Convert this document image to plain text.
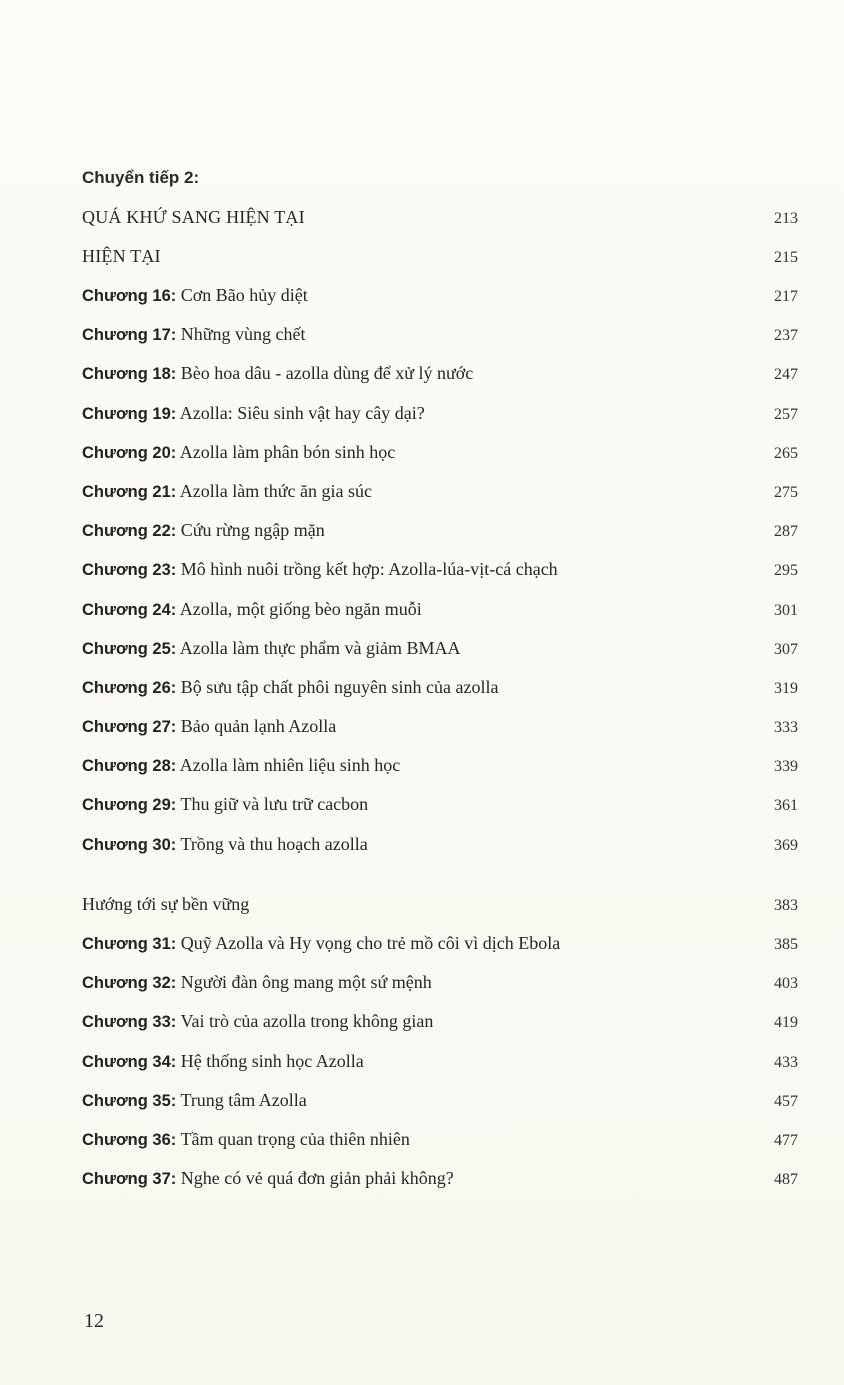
Chuyển tiếp 2:
QUÁ KHỨ SANG HIỆN TẠI	213
HIỆN TẠI	215
Chương 16: Cơn Bão hủy diệt	217
Chương 17: Những vùng chết	237
Chương 18: Bèo hoa dâu - azolla dùng để xử lý nước	247
Chương 19: Azolla: Siêu sinh vật hay cây dại?	257
Chương 20: Azolla làm phân bón sinh học	265
Chương 21: Azolla làm thức ăn gia súc	275
Chương 22: Cứu rừng ngập mặn	287
Chương 23: Mô hình nuôi trồng kết hợp: Azolla-lúa-vịt-cá chạch	295
Chương 24: Azolla, một giống bèo ngăn muỗi	301
Chương 25: Azolla làm thực phẩm và giảm BMAA	307
Chương 26: Bộ sưu tập chất phôi nguyên sinh của azolla	319
Chương 27: Bảo quản lạnh Azolla	333
Chương 28: Azolla làm nhiên liệu sinh học	339
Chương 29: Thu giữ và lưu trữ cacbon	361
Chương 30: Trồng và thu hoạch azolla	369
Hướng tới sự bền vững	383
Chương 31: Quỹ Azolla và Hy vọng cho trẻ mồ côi vì dịch Ebola	385
Chương 32: Người đàn ông mang một sứ mệnh	403
Chương 33: Vai trò của azolla trong không gian	419
Chương 34: Hệ thống sinh học Azolla	433
Chương 35: Trung tâm Azolla	457
Chương 36: Tầm quan trọng của thiên nhiên	477
Chương 37: Nghe có vẻ quá đơn giản phải không?	487
12
